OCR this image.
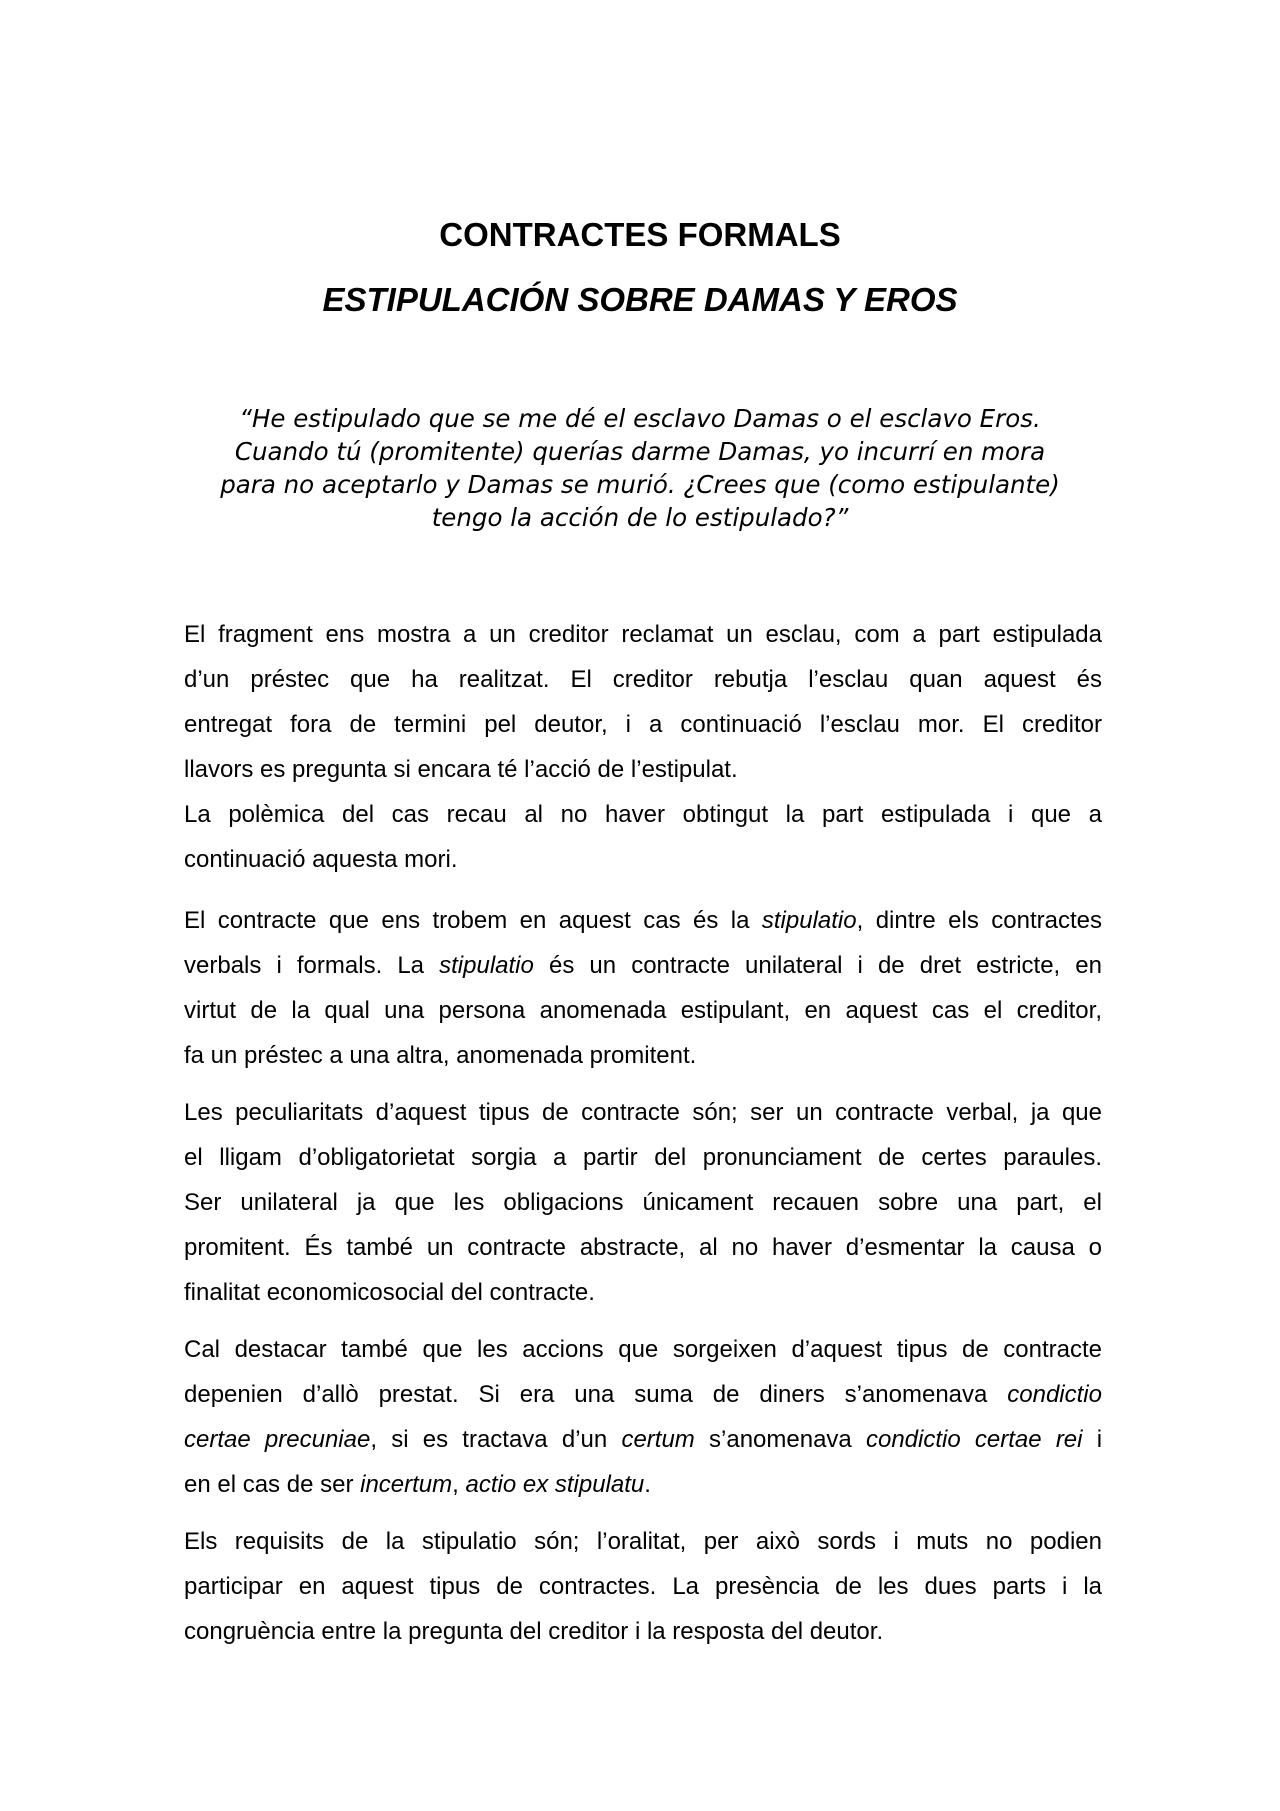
CONTRACTES FORMALS
ESTIPULACIÓN SOBRE DAMAS Y EROS
“He estipulado que se me dé el esclavo Damas o el esclavo Eros.
Cuando tú (promitente) querías darme Damas, yo incurrí en mora
para no aceptarlo y Damas se murió. ¿Crees que (como estipulante)
tengo la acción de lo estipulado?”

El fragment ens mostra a un creditor reclamat un esclau, com a part estipulada
d’un préstec que ha realitzat. El creditor rebutja l’esclau quan aquest és
entregat fora de termini pel deutor, i a continuació l’esclau mor. El creditor
llavors es pregunta si encara té l’acció de l’estipulat.

La polèmica del cas recau al no haver obtingut la part estipulada i que a
continuació aquesta mori.

El contracte que ens trobem en aquest cas és la stipulatio, dintre els contractes
verbals i formals. La stipulatio és un contracte unilateral i de dret estricte, en
virtut de la qual una persona anomenada estipulant, en aquest cas el creditor,
fa un préstec a una altra, anomenada promitent.

Les peculiaritats d’aquest tipus de contracte són; ser un contracte verbal, ja que
el lligam d’obligatorietat sorgia a partir del pronunciament de certes paraules.
Ser unilateral ja que les obligacions únicament recauen sobre una part, el
promitent. És també un contracte abstracte, al no haver d’esmentar la causa o
finalitat economicosocial del contracte.

Cal destacar també que les accions que sorgeixen d’aquest tipus de contracte
depenien d’allò prestat. Si era una suma de diners s’anomenava condictio
certae precuniae, si es tractava d’un certum s’anomenava condictio certae rei i
en el cas de ser incertum, actio ex stipulatu.

Els requisits de la stipulatio són; l’oralitat, per això sords i muts no podien
participar en aquest tipus de contractes. La presència de les dues parts i la
congruència entre la pregunta del creditor i la resposta del deutor.
